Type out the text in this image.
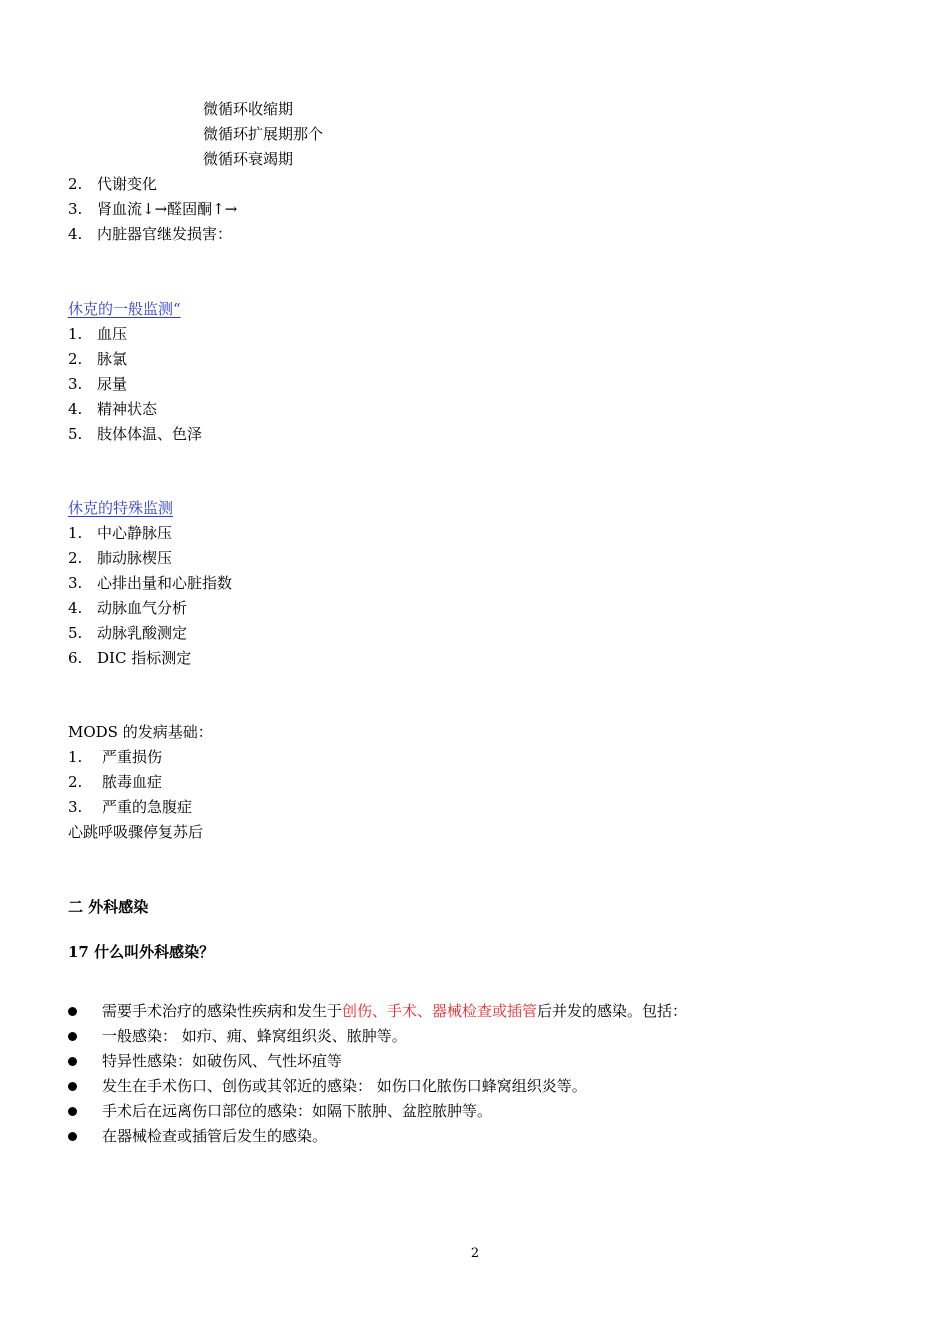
微循环收缩期
微循环扩展期那个
微循环衰竭期
2. 代谢变化
3. 肾血流↓→醛固酮↑→
4. 内脏器官继发损害：
休克的一般监测“
1. 血压
2. 脉氯
3. 尿量
4. 精神状态
5. 肢体体温、色泽
休克的特殊监测
1. 中心静脉压
2. 肺动脉楔压
3. 心排出量和心脏指数
4. 动脉血气分析
5. 动脉乳酸测定
6. DIC 指标测定
MODS 的发病基础：
1. 严重损伤
2. 脓毒血症
3. 严重的急腹症
心跳呼吸骤停复苏后
二 外科感染
17 什么叫外科感染？
需要手术治疗的感染性疾病和发生于创伤、手术、器械检查或插管后并发的感染。包括：
一般感染： 如疖、痈、蜂窝组织炎、脓肿等。
特异性感染：如破伤风、气性坏疽等
发生在手术伤口、创伤或其邻近的感染： 如伤口化脓伤口蜂窝组织炎等。
手术后在远离伤口部位的感染：如隔下脓肿、盆腔脓肿等。
在器械检查或插管后发生的感染。
2
